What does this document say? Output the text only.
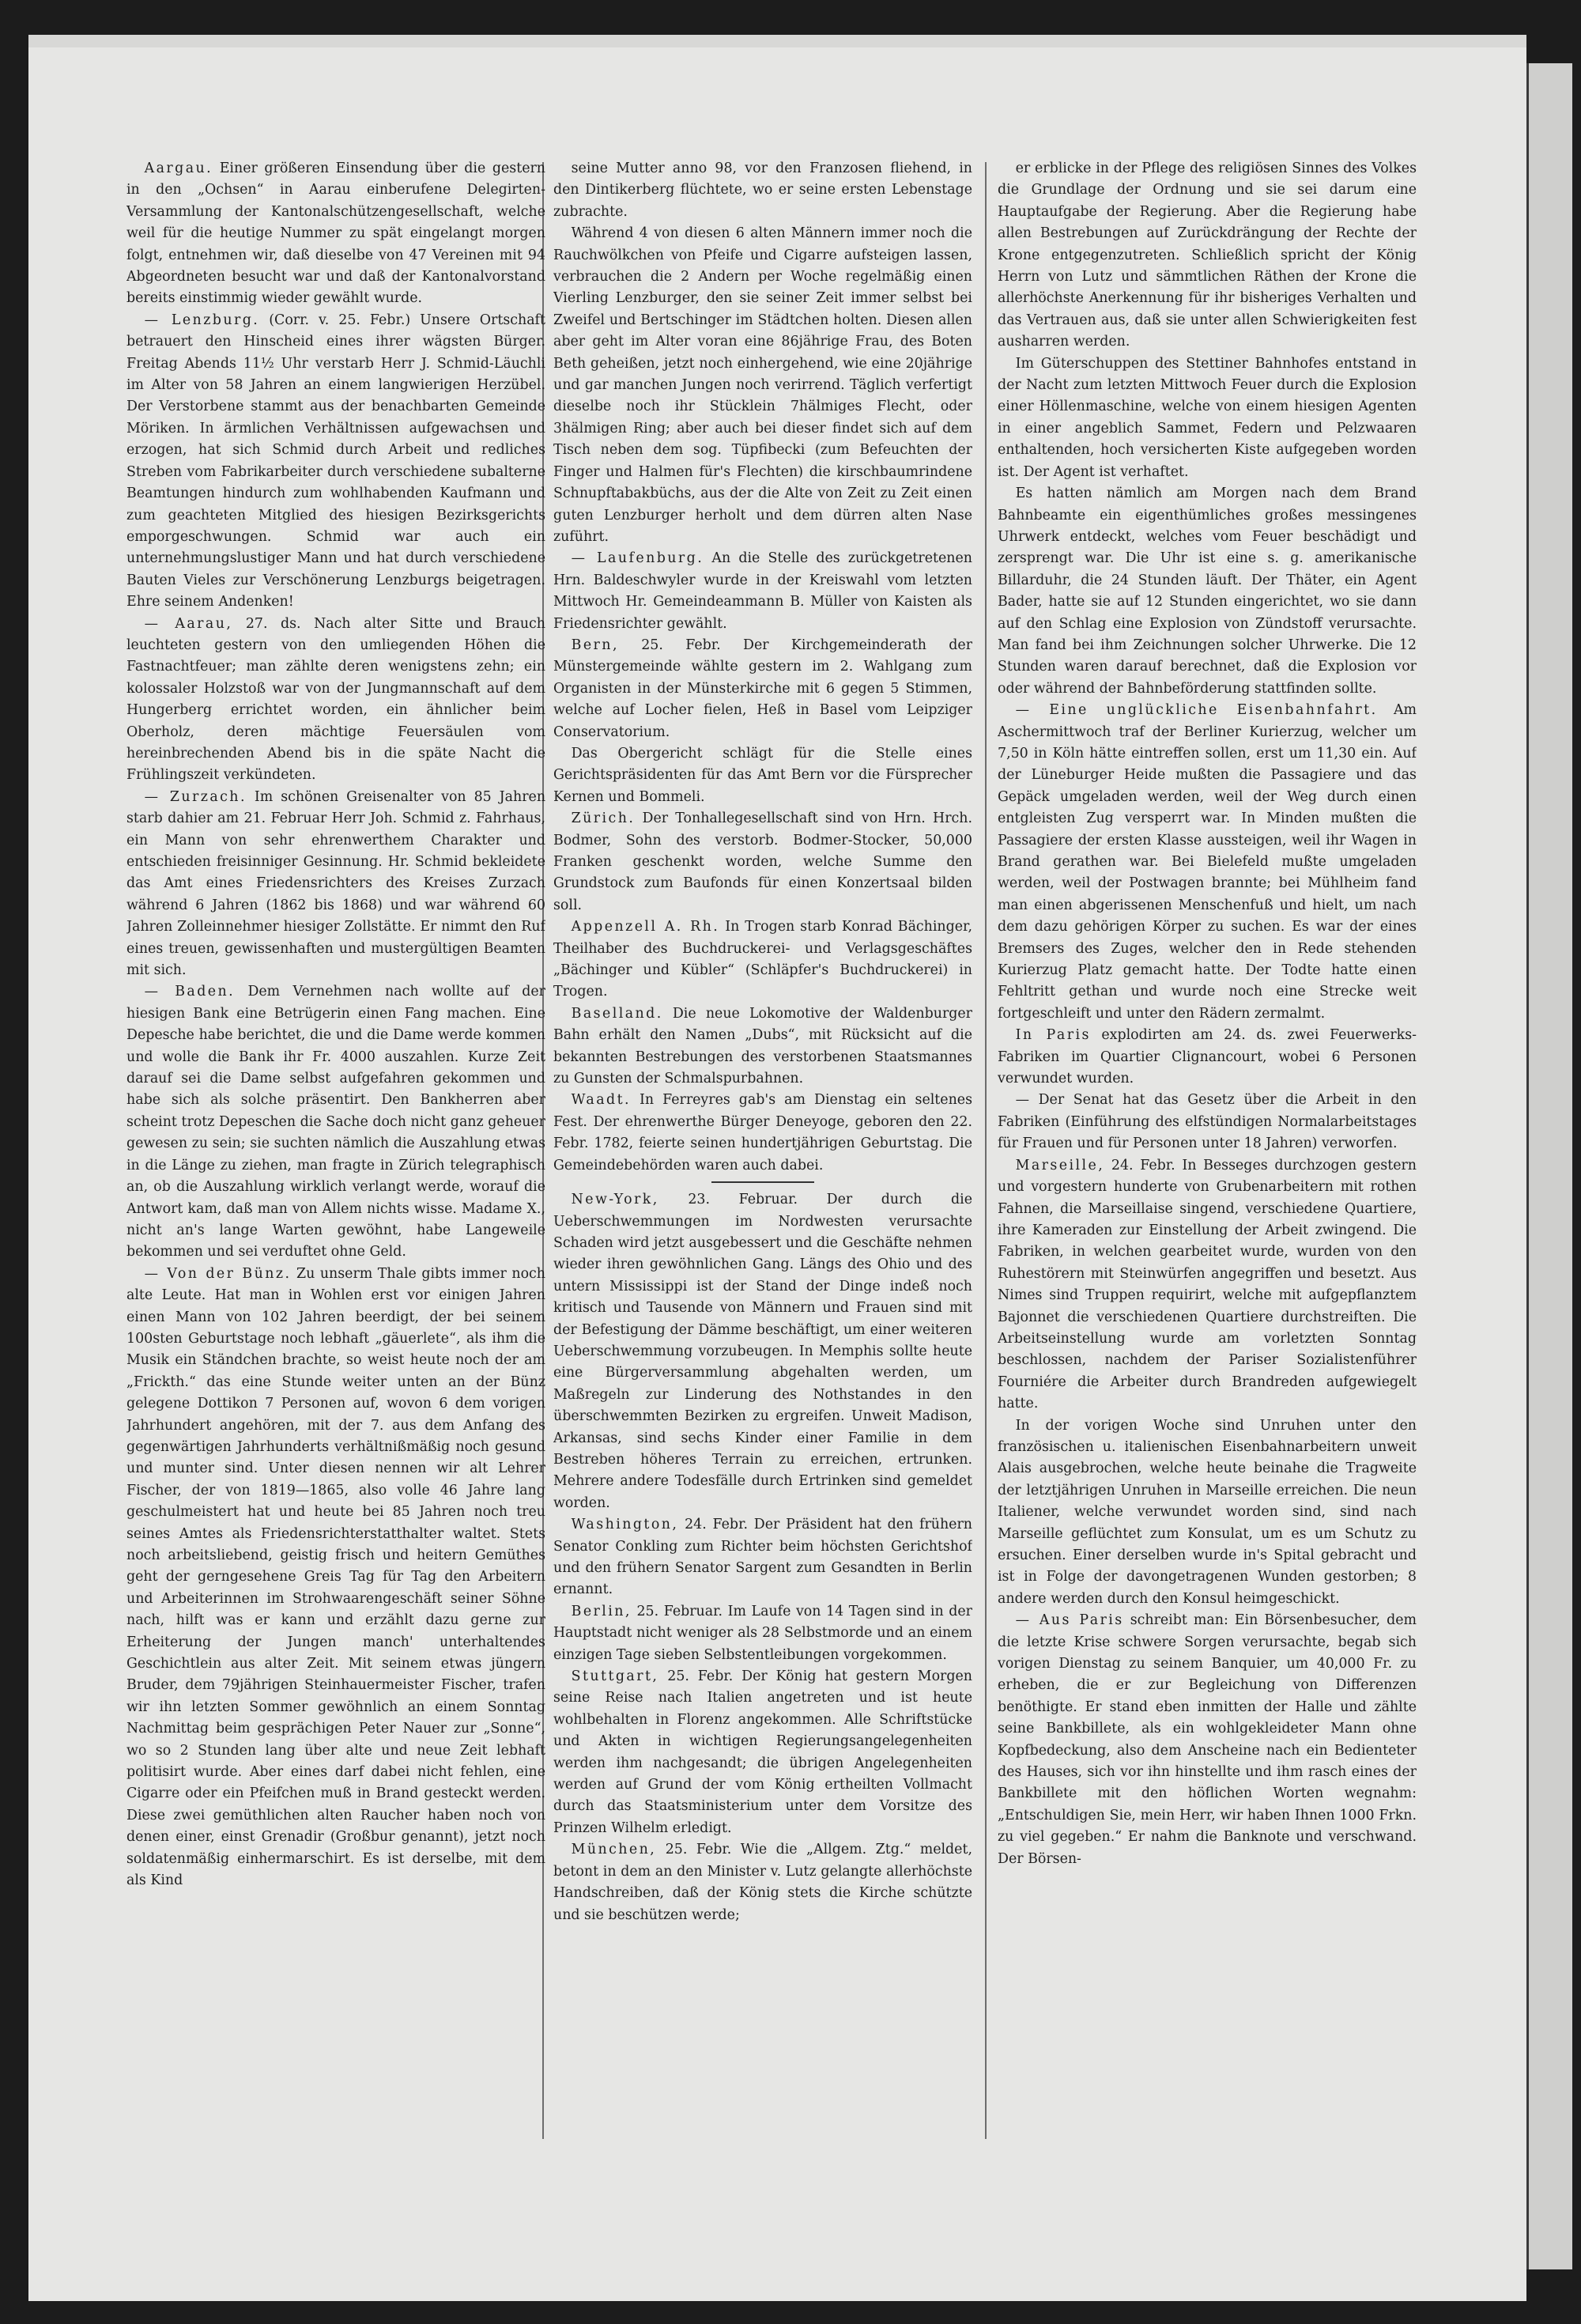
Aargau. Einer größeren Einsendung über die gestern in den „Ochsen“ in Aarau einberufene Delegirten-Versammlung der Kantonalschützengesellschaft, welche weil für die heutige Nummer zu spät eingelangt morgen folgt, entnehmen wir, daß dieselbe von 47 Vereinen mit 94 Abgeordneten besucht war und daß der Kantonalvorstand bereits einstimmig wieder gewählt wurde.

— Lenzburg. (Corr. v. 25. Febr.) Unsere Ortschaft betrauert den Hinscheid eines ihrer wägsten Bürger. Freitag Abends 11½ Uhr verstarb Herr J. Schmid-Läuchli im Alter von 58 Jahren an einem langwierigen Herzübel. Der Verstorbene stammt aus der benachbarten Gemeinde Möriken. In ärmlichen Verhältnissen aufgewachsen und erzogen, hat sich Schmid durch Arbeit und redliches Streben vom Fabrikarbeiter durch verschiedene subalterne Beamtungen hindurch zum wohlhabenden Kaufmann und zum geachteten Mitglied des hiesigen Bezirksgerichts emporgeschwungen. Schmid war auch ein unternehmungslustiger Mann und hat durch verschiedene Bauten Vieles zur Verschönerung Lenzburgs beigetragen. Ehre seinem Andenken!

— Aarau, 27. ds. Nach alter Sitte und Brauch leuchteten gestern von den umliegenden Höhen die Fastnachtfeuer; man zählte deren wenigstens zehn; ein kolossaler Holzstoß war von der Jungmannschaft auf dem Hungerberg errichtet worden, ein ähnlicher beim Oberholz, deren mächtige Feuersäulen vom hereinbrechenden Abend bis in die späte Nacht die Frühlingszeit verkündeten.

— Zurzach. Im schönen Greisenalter von 85 Jahren starb dahier am 21. Februar Herr Joh. Schmid z. Fahrhaus, ein Mann von sehr ehrenwerthem Charakter und entschieden freisinniger Gesinnung. Hr. Schmid bekleidete das Amt eines Friedensrichters des Kreises Zurzach während 6 Jahren (1862 bis 1868) und war während 60 Jahren Zolleinnehmer hiesiger Zollstätte. Er nimmt den Ruf eines treuen, gewissenhaften und mustergültigen Beamten mit sich.

— Baden. Dem Vernehmen nach wollte auf der hiesigen Bank eine Betrügerin einen Fang machen. Eine Depesche habe berichtet, die und die Dame werde kommen und wolle die Bank ihr Fr. 4000 auszahlen. Kurze Zeit darauf sei die Dame selbst aufgefahren gekommen und habe sich als solche präsentirt. Den Bankherren aber scheint trotz Depeschen die Sache doch nicht ganz geheuer gewesen zu sein; sie suchten nämlich die Auszahlung etwas in die Länge zu ziehen, man fragte in Zürich telegraphisch an, ob die Auszahlung wirklich verlangt werde, worauf die Antwort kam, daß man von Allem nichts wisse. Madame X., nicht an's lange Warten gewöhnt, habe Langeweile bekommen und sei verduftet ohne Geld.

— Von der Bünz. Zu unserm Thale gibts immer noch alte Leute. Hat man in Wohlen erst vor einigen Jahren einen Mann von 102 Jahren beerdigt, der bei seinem 100sten Geburtstage noch lebhaft „gäuerlete“, als ihm die Musik ein Ständchen brachte, so weist heute noch der am „Frickth.“ das eine Stunde weiter unten an der Bünz gelegene Dottikon 7 Personen auf, wovon 6 dem vorigen Jahrhundert angehören, mit der 7. aus dem Anfang des gegenwärtigen Jahrhunderts verhältnißmäßig noch gesund und munter sind. Unter diesen nennen wir alt Lehrer Fischer, der von 1819—1865, also volle 46 Jahre lang geschulmeistert hat und heute bei 85 Jahren noch treu seines Amtes als Friedensrichterstatthalter waltet. Stets noch arbeitsliebend, geistig frisch und heitern Gemüthes geht der gerngesehene Greis Tag für Tag den Arbeitern und Arbeiterinnen im Strohwaarengeschäft seiner Söhne nach, hilft was er kann und erzählt dazu gerne zur Erheiterung der Jungen manch' unterhaltendes Geschichtlein aus alter Zeit. Mit seinem etwas jüngern Bruder, dem 79jährigen Steinhauermeister Fischer, trafen wir ihn letzten Sommer gewöhnlich an einem Sonntag Nachmittag beim gesprächigen Peter Nauer zur „Sonne“, wo so 2 Stunden lang über alte und neue Zeit lebhaft politisirt wurde. Aber eines darf dabei nicht fehlen, eine Cigarre oder ein Pfeifchen muß in Brand gesteckt werden. Diese zwei gemüthlichen alten Raucher haben noch von denen einer, einst Grenadir (Großbur genannt), jetzt noch soldatenmäßig einhermarschirt. Es ist derselbe, mit dem als Kind

seine Mutter anno 98, vor den Franzosen fliehend, in den Dintikerberg flüchtete, wo er seine ersten Lebenstage zubrachte.

Während 4 von diesen 6 alten Männern immer noch die Rauchwölkchen von Pfeife und Cigarre aufsteigen lassen, verbrauchen die 2 Andern per Woche regelmäßig einen Vierling Lenzburger, den sie seiner Zeit immer selbst bei Zweifel und Bertschinger im Städtchen holten. Diesen allen aber geht im Alter voran eine 86jährige Frau, des Boten Beth geheißen, jetzt noch einhergehend, wie eine 20jährige und gar manchen Jungen noch verirrend. Täglich verfertigt dieselbe noch ihr Stücklein 7hälmiges Flecht, oder 3hälmigen Ring; aber auch bei dieser findet sich auf dem Tisch neben dem sog. Tüpfibecki (zum Befeuchten der Finger und Halmen für's Flechten) die kirschbaumrindene Schnupftabakbüchs, aus der die Alte von Zeit zu Zeit einen guten Lenzburger herholt und dem dürren alten Nase zuführt.

— Laufenburg. An die Stelle des zurückgetretenen Hrn. Baldeschwyler wurde in der Kreiswahl vom letzten Mittwoch Hr. Gemeindeammann B. Müller von Kaisten als Friedensrichter gewählt.

Bern, 25. Febr. Der Kirchgemeinderath der Münstergemeinde wählte gestern im 2. Wahlgang zum Organisten in der Münsterkirche mit 6 gegen 5 Stimmen, welche auf Locher fielen, Heß in Basel vom Leipziger Conservatorium.

Das Obergericht schlägt für die Stelle eines Gerichtspräsidenten für das Amt Bern vor die Fürsprecher Kernen und Bommeli.

Zürich. Der Tonhallegesellschaft sind von Hrn. Hrch. Bodmer, Sohn des verstorb. Bodmer-Stocker, 50,000 Franken geschenkt worden, welche Summe den Grundstock zum Baufonds für einen Konzertsaal bilden soll.

Appenzell A. Rh. In Trogen starb Konrad Bächinger, Theilhaber des Buchdruckerei- und Verlagsgeschäftes „Bächinger und Kübler“ (Schläpfer's Buchdruckerei) in Trogen.

Baselland. Die neue Lokomotive der Waldenburger Bahn erhält den Namen „Dubs“, mit Rücksicht auf die bekannten Bestrebungen des verstorbenen Staatsmannes zu Gunsten der Schmalspurbahnen.

Waadt. In Ferreyres gab's am Dienstag ein seltenes Fest. Der ehrenwerthe Bürger Deneyoge, geboren den 22. Febr. 1782, feierte seinen hundertjährigen Geburtstag. Die Gemeindebehörden waren auch dabei.

New-York, 23. Februar. Der durch die Ueberschwemmungen im Nordwesten verursachte Schaden wird jetzt ausgebessert und die Geschäfte nehmen wieder ihren gewöhnlichen Gang. Längs des Ohio und des untern Mississippi ist der Stand der Dinge indeß noch kritisch und Tausende von Männern und Frauen sind mit der Befestigung der Dämme beschäftigt, um einer weiteren Ueberschwemmung vorzubeugen. In Memphis sollte heute eine Bürgerversammlung abgehalten werden, um Maßregeln zur Linderung des Nothstandes in den überschwemmten Bezirken zu ergreifen. Unweit Madison, Arkansas, sind sechs Kinder einer Familie in dem Bestreben höheres Terrain zu erreichen, ertrunken. Mehrere andere Todesfälle durch Ertrinken sind gemeldet worden.

Washington, 24. Febr. Der Präsident hat den frühern Senator Conkling zum Richter beim höchsten Gerichtshof und den frühern Senator Sargent zum Gesandten in Berlin ernannt.

Berlin, 25. Februar. Im Laufe von 14 Tagen sind in der Hauptstadt nicht weniger als 28 Selbstmorde und an einem einzigen Tage sieben Selbstentleibungen vorgekommen.

Stuttgart, 25. Febr. Der König hat gestern Morgen seine Reise nach Italien angetreten und ist heute wohlbehalten in Florenz angekommen. Alle Schriftstücke und Akten in wichtigen Regierungsangelegenheiten werden ihm nachgesandt; die übrigen Angelegenheiten werden auf Grund der vom König ertheilten Vollmacht durch das Staatsministerium unter dem Vorsitze des Prinzen Wilhelm erledigt.

München, 25. Febr. Wie die „Allgem. Ztg.“ meldet, betont in dem an den Minister v. Lutz gelangte allerhöchste Handschreiben, daß der König stets die Kirche schützte und sie beschützen werde;

er erblicke in der Pflege des religiösen Sinnes des Volkes die Grundlage der Ordnung und sie sei darum eine Hauptaufgabe der Regierung. Aber die Regierung habe allen Bestrebungen auf Zurückdrängung der Rechte der Krone entgegenzutreten. Schließlich spricht der König Herrn von Lutz und sämmtlichen Räthen der Krone die allerhöchste Anerkennung für ihr bisheriges Verhalten und das Vertrauen aus, daß sie unter allen Schwierigkeiten fest ausharren werden.

Im Güterschuppen des Stettiner Bahnhofes entstand in der Nacht zum letzten Mittwoch Feuer durch die Explosion einer Höllenmaschine, welche von einem hiesigen Agenten in einer angeblich Sammet, Federn und Pelzwaaren enthaltenden, hoch versicherten Kiste aufgegeben worden ist. Der Agent ist verhaftet.

Es hatten nämlich am Morgen nach dem Brand Bahnbeamte ein eigenthümliches großes messingenes Uhrwerk entdeckt, welches vom Feuer beschädigt und zersprengt war. Die Uhr ist eine s. g. amerikanische Billarduhr, die 24 Stunden läuft. Der Thäter, ein Agent Bader, hatte sie auf 12 Stunden eingerichtet, wo sie dann auf den Schlag eine Explosion von Zündstoff verursachte. Man fand bei ihm Zeichnungen solcher Uhrwerke. Die 12 Stunden waren darauf berechnet, daß die Explosion vor oder während der Bahnbeförderung stattfinden sollte.

— Eine unglückliche Eisenbahnfahrt. Am Aschermittwoch traf der Berliner Kurierzug, welcher um 7,50 in Köln hätte eintreffen sollen, erst um 11,30 ein. Auf der Lüneburger Heide mußten die Passagiere und das Gepäck umgeladen werden, weil der Weg durch einen entgleisten Zug versperrt war. In Minden mußten die Passagiere der ersten Klasse aussteigen, weil ihr Wagen in Brand gerathen war. Bei Bielefeld mußte umgeladen werden, weil der Postwagen brannte; bei Mühlheim fand man einen abgerissenen Menschenfuß und hielt, um nach dem dazu gehörigen Körper zu suchen. Es war der eines Bremsers des Zuges, welcher den in Rede stehenden Kurierzug Platz gemacht hatte. Der Todte hatte einen Fehltritt gethan und wurde noch eine Strecke weit fortgeschleift und unter den Rädern zermalmt.

In Paris explodirten am 24. ds. zwei Feuerwerks-Fabriken im Quartier Clignancourt, wobei 6 Personen verwundet wurden.

— Der Senat hat das Gesetz über die Arbeit in den Fabriken (Einführung des elfstündigen Normalarbeitstages für Frauen und für Personen unter 18 Jahren) verworfen.

Marseille, 24. Febr. In Besseges durchzogen gestern und vorgestern hunderte von Grubenarbeitern mit rothen Fahnen, die Marseillaise singend, verschiedene Quartiere, ihre Kameraden zur Einstellung der Arbeit zwingend. Die Fabriken, in welchen gearbeitet wurde, wurden von den Ruhestörern mit Steinwürfen angegriffen und besetzt. Aus Nimes sind Truppen requirirt, welche mit aufgepflanztem Bajonnet die verschiedenen Quartiere durchstreiften. Die Arbeitseinstellung wurde am vorletzten Sonntag beschlossen, nachdem der Pariser Sozialistenführer Fourniére die Arbeiter durch Brandreden aufgewiegelt hatte.

In der vorigen Woche sind Unruhen unter den französischen u. italienischen Eisenbahnarbeitern unweit Alais ausgebrochen, welche heute beinahe die Tragweite der letztjährigen Unruhen in Marseille erreichen. Die neun Italiener, welche verwundet worden sind, sind nach Marseille geflüchtet zum Konsulat, um es um Schutz zu ersuchen. Einer derselben wurde in's Spital gebracht und ist in Folge der davongetragenen Wunden gestorben; 8 andere werden durch den Konsul heimgeschickt.

— Aus Paris schreibt man: Ein Börsenbesucher, dem die letzte Krise schwere Sorgen verursachte, begab sich vorigen Dienstag zu seinem Banquier, um 40,000 Fr. zu erheben, die er zur Begleichung von Differenzen benöthigte. Er stand eben inmitten der Halle und zählte seine Bankbillete, als ein wohlgekleideter Mann ohne Kopfbedeckung, also dem Anscheine nach ein Bedienteter des Hauses, sich vor ihn hinstellte und ihm rasch eines der Bankbillete mit den höflichen Worten wegnahm: „Entschuldigen Sie, mein Herr, wir haben Ihnen 1000 Frkn. zu viel gegeben.“ Er nahm die Banknote und verschwand. Der Börsen-
